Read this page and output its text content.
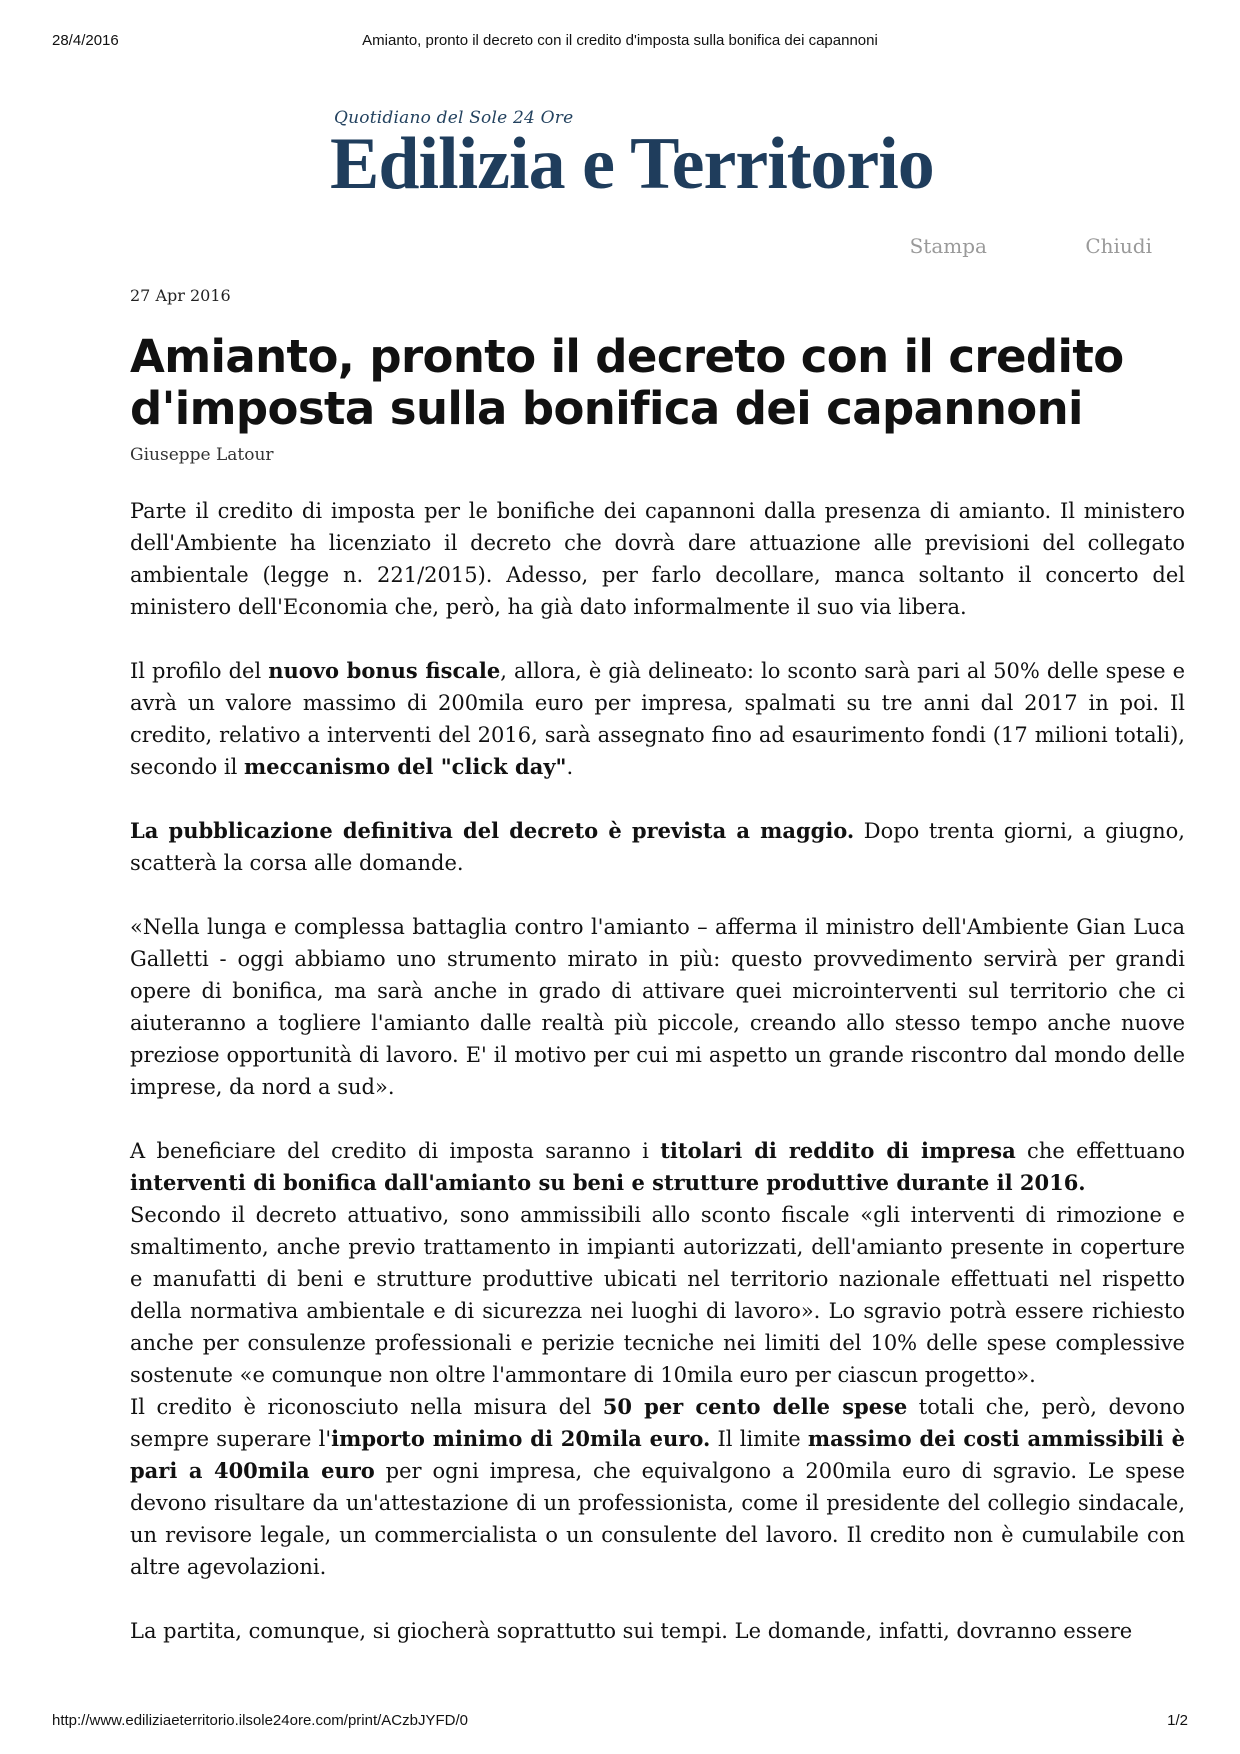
28/4/2016	Amianto, pronto il decreto con il credito d'imposta sulla bonifica dei capannoni
Quotidiano del Sole 24 Ore
Edilizia e Territorio
Stampa	Chiudi
27 Apr 2016
Amianto, pronto il decreto con il credito d'imposta sulla bonifica dei capannoni
Giuseppe Latour

Parte il credito di imposta per le bonifiche dei capannoni dalla presenza di amianto. Il ministero dell'Ambiente ha licenziato il decreto che dovrà dare attuazione alle previsioni del collegato ambientale (legge n. 221/2015). Adesso, per farlo decollare, manca soltanto il concerto del ministero dell'Economia che, però, ha già dato informalmente il suo via libera.

Il profilo del nuovo bonus fiscale, allora, è già delineato: lo sconto sarà pari al 50% delle spese e avrà un valore massimo di 200mila euro per impresa, spalmati su tre anni dal 2017 in poi. Il credito, relativo a interventi del 2016, sarà assegnato fino ad esaurimento fondi (17 milioni totali), secondo il meccanismo del "click day".

La pubblicazione definitiva del decreto è prevista a maggio. Dopo trenta giorni, a giugno, scatterà la corsa alle domande.

«Nella lunga e complessa battaglia contro l'amianto – afferma il ministro dell'Ambiente Gian Luca Galletti - oggi abbiamo uno strumento mirato in più: questo provvedimento servirà per grandi opere di bonifica, ma sarà anche in grado di attivare quei microinterventi sul territorio che ci aiuteranno a togliere l'amianto dalle realtà più piccole, creando allo stesso tempo anche nuove preziose opportunità di lavoro. E' il motivo per cui mi aspetto un grande riscontro dal mondo delle imprese, da nord a sud».

A beneficiare del credito di imposta saranno i titolari di reddito di impresa che effettuano interventi di bonifica dall'amianto su beni e strutture produttive durante il 2016.

Secondo il decreto attuativo, sono ammissibili allo sconto fiscale «gli interventi di rimozione e smaltimento, anche previo trattamento in impianti autorizzati, dell'amianto presente in coperture e manufatti di beni e strutture produttive ubicati nel territorio nazionale effettuati nel rispetto della normativa ambientale e di sicurezza nei luoghi di lavoro». Lo sgravio potrà essere richiesto anche per consulenze professionali e perizie tecniche nei limiti del 10% delle spese complessive sostenute «e comunque non oltre l'ammontare di 10mila euro per ciascun progetto».

Il credito è riconosciuto nella misura del 50 per cento delle spese totali che, però, devono sempre superare l'importo minimo di 20mila euro. Il limite massimo dei costi ammissibili è pari a 400mila euro per ogni impresa, che equivalgono a 200mila euro di sgravio. Le spese devono risultare da un'attestazione di un professionista, come il presidente del collegio sindacale, un revisore legale, un commercialista o un consulente del lavoro. Il credito non è cumulabile con altre agevolazioni.

La partita, comunque, si giocherà soprattutto sui tempi. Le domande, infatti, dovranno essere

http://www.ediliziaeterritorio.ilsole24ore.com/print/ACzbJYFD/0	1/2
